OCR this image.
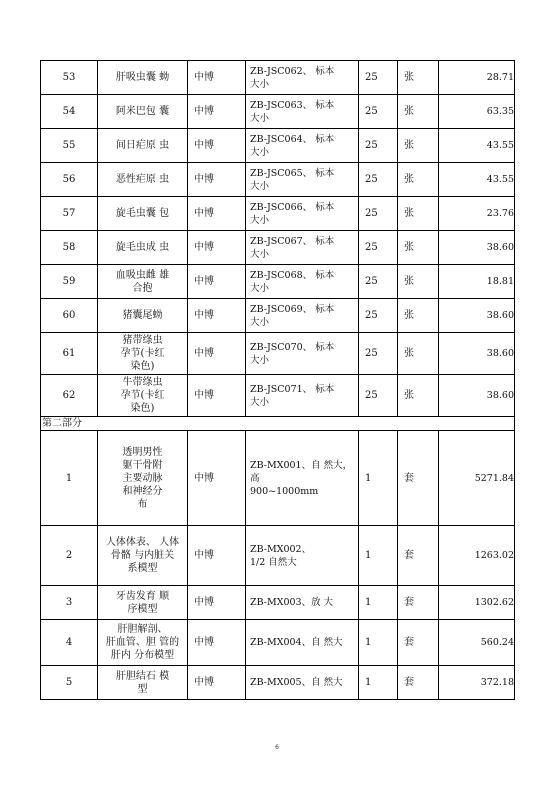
53	肝吸虫囊 蚴	中博	ZB-JSC062、 标本
大小	25	张	28.71
54	阿米巴包 囊	中博	ZB-JSC063、 标本
大小	25	张	63.35
55	间日疟原 虫	中博	ZB-JSC064、 标本
大小	25	张	43.55
56	恶性疟原 虫	中博	ZB-JSC065、 标本
大小	25	张	43.55
57	旋毛虫囊 包	中博	ZB-JSC066、 标本
大小	25	张	23.76
58	旋毛虫成 虫	中博	ZB-JSC067、 标本
大小	25	张	38.60
59	血吸虫雌 雄
合抱	中博	ZB-JSC068、 标本
大小	25	张	18.81
60	猪囊尾蚴	中博	ZB-JSC069、 标本
大小	25	张	38.60
61	猪带绦虫
孕节(卡红
染色)	中博	ZB-JSC070、 标本
大小	25	张	38.60
62	牛带绦虫
孕节(卡红
染色)	中博	ZB-JSC071、 标本
大小	25	张	38.60
第二部分						
1	透明男性
躯干骨附
主要动脉
和神经分
布	中博	ZB-MX001、自 然大，
高
900~1000mm	1	套	5271.84
2	人体体表、 人体
骨骼 与内脏关
系模型	中博	ZB-MX002、
1/2 自然大	1	套	1263.02
3	牙齿发育 顺
序模型	中博	ZB-MX003、放 大	1	套	1302.62
4	肝胆解剖、
肝血管、胆 管的
肝内 分布模型	中博	ZB-MX004、自 然大	1	套	560.24
5	肝胆结石 模
型	中博	ZB-MX005、自 然大	1	套	372.18
6
